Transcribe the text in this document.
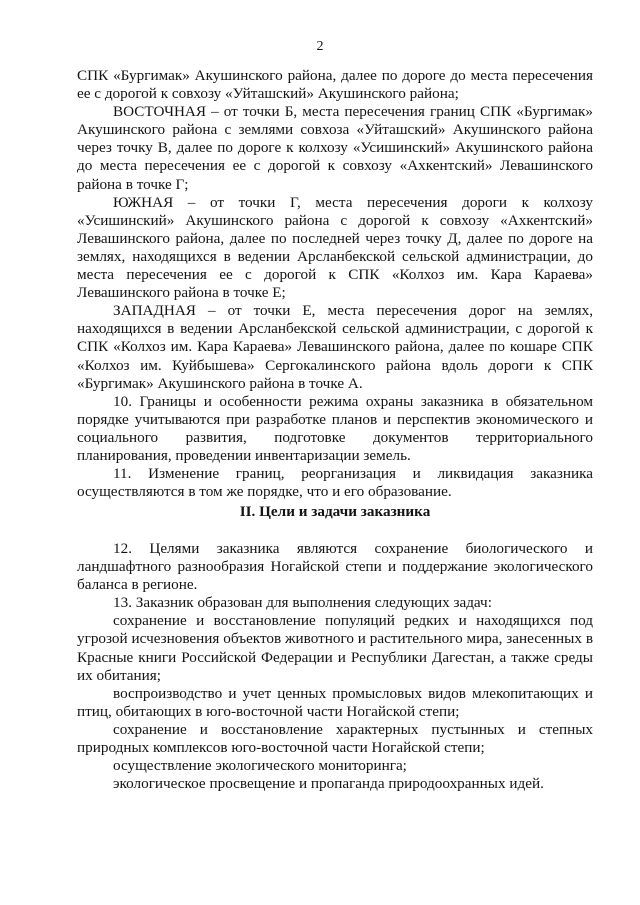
2

СПК «Бургимак» Акушинского района, далее по дороге до места пересечения ее с дорогой к совхозу «Уйташский» Акушинского района;

ВОСТОЧНАЯ – от точки Б, места пересечения границ СПК «Бургимак» Акушинского района с землями совхоза «Уйташский» Акушинского района через точку В, далее по дороге к колхозу «Усишинский» Акушинского района до места пересечения ее с дорогой к совхозу «Ахкентский» Левашинского района в точке Г;

ЮЖНАЯ – от точки Г, места пересечения дороги к колхозу «Усишинский» Акушинского района с дорогой к совхозу «Ахкентский» Левашинского района, далее по последней через точку Д, далее по дороге на землях, находящихся в ведении Арсланбекской сельской администрации, до места пересечения ее с дорогой к СПК «Колхоз им. Кара Караева» Левашинского района в точке Е;

ЗАПАДНАЯ – от точки Е, места пересечения дорог на землях, находящихся в ведении Арсланбекской сельской администрации, с дорогой к СПК «Колхоз им. Кара Караева» Левашинского района, далее по кошаре СПК «Колхоз им. Куйбышева» Сергокалинского района вдоль дороги к СПК «Бургимак» Акушинского района в точке А.

10. Границы и особенности режима охраны заказника в обязательном порядке учитываются при разработке планов и перспектив экономического и социального развития, подготовке документов территориального планирования, проведении инвентаризации земель.

11. Изменение границ, реорганизация и ликвидация заказника осуществляются в том же порядке, что и его образование.

II. Цели и задачи заказника

12. Целями заказника являются сохранение биологического и ландшафтного разнообразия Ногайской степи и поддержание экологического баланса в регионе.

13. Заказник образован для выполнения следующих задач:

сохранение и восстановление популяций редких и находящихся под угрозой исчезновения объектов животного и растительного мира, занесенных в Красные книги Российской Федерации и Республики Дагестан, а также среды их обитания;

воспроизводство и учет ценных промысловых видов млекопитающих и птиц, обитающих в юго-восточной части Ногайской степи;

сохранение и восстановление характерных пустынных и степных природных комплексов юго-восточной части Ногайской степи;

осуществление экологического мониторинга;

экологическое просвещение и пропаганда природоохранных идей.
